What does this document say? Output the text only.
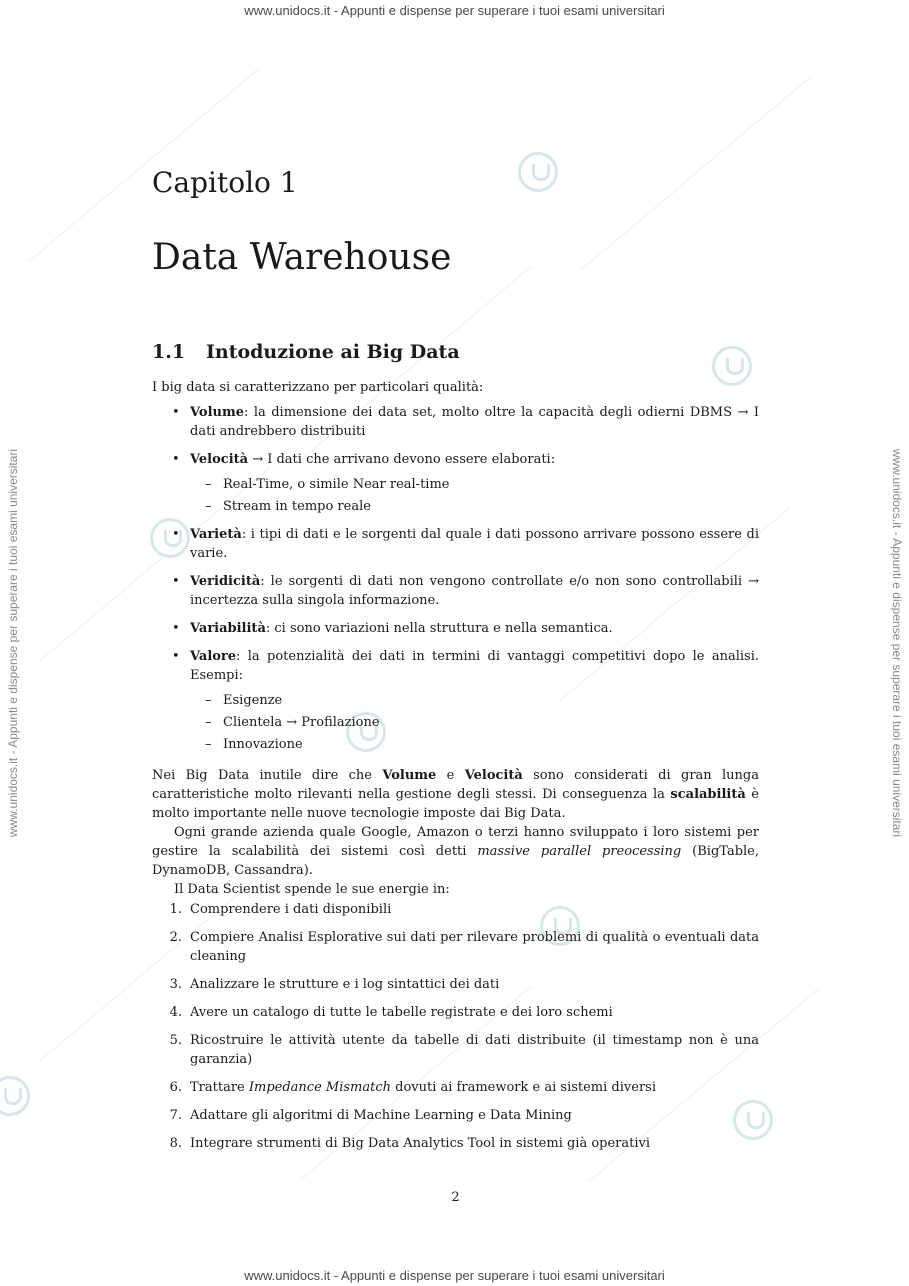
www.unidocs.it - Appunti e dispense per superare i tuoi esami universitari
www.unidocs.it - Appunti e dispense per superare i tuoi esami universitari
www.unidocs.it - Appunti e dispense per superare i tuoi esami universitari	www.unidocs.it - Appunti e dispense per superare i tuoi esami universitari
Capitolo 1
Data Warehouse
1.1 Intoduzione ai Big Data
I big data si caratterizzano per particolari qualità:
• Volume: la dimensione dei data set, molto oltre la capacità degli odierni DBMS → I dati andrebbero distribuiti
• Velocità → I dati che arrivano devono essere elaborati:
– Real-Time, o simile Near real-time
– Stream in tempo reale
• Varietà: i tipi di dati e le sorgenti dal quale i dati possono arrivare possono essere di varie.
• Veridicità: le sorgenti di dati non vengono controllate e/o non sono controllabili → incertezza sulla singola informazione.
• Variabilità: ci sono variazioni nella struttura e nella semantica.
• Valore: la potenzialità dei dati in termini di vantaggi competitivi dopo le analisi. Esempi:
– Esigenze
– Clientela → Profilazione
– Innovazione
Nei Big Data inutile dire che Volume e Velocità sono considerati di gran lunga caratteristiche molto rilevanti nella gestione degli stessi. Di conseguenza la scalabilità è molto importante nelle nuove tecnologie imposte dai Big Data.
Ogni grande azienda quale Google, Amazon o terzi hanno sviluppato i loro sistemi per gestire la scalabilità dei sistemi così detti massive parallel preocessing (BigTable, DynamoDB, Cassandra).
Il Data Scientist spende le sue energie in:
1. Comprendere i dati disponibili
2. Compiere Analisi Esplorative sui dati per rilevare problemi di qualità o eventuali data cleaning
3. Analizzare le strutture e i log sintattici dei dati
4. Avere un catalogo di tutte le tabelle registrate e dei loro schemi
5. Ricostruire le attività utente da tabelle di dati distribuite (il timestamp non è una garanzia)
6. Trattare Impedance Mismatch dovuti ai framework e ai sistemi diversi
7. Adattare gli algoritmi di Machine Learning e Data Mining
8. Integrare strumenti di Big Data Analytics Tool in sistemi già operativi
2
